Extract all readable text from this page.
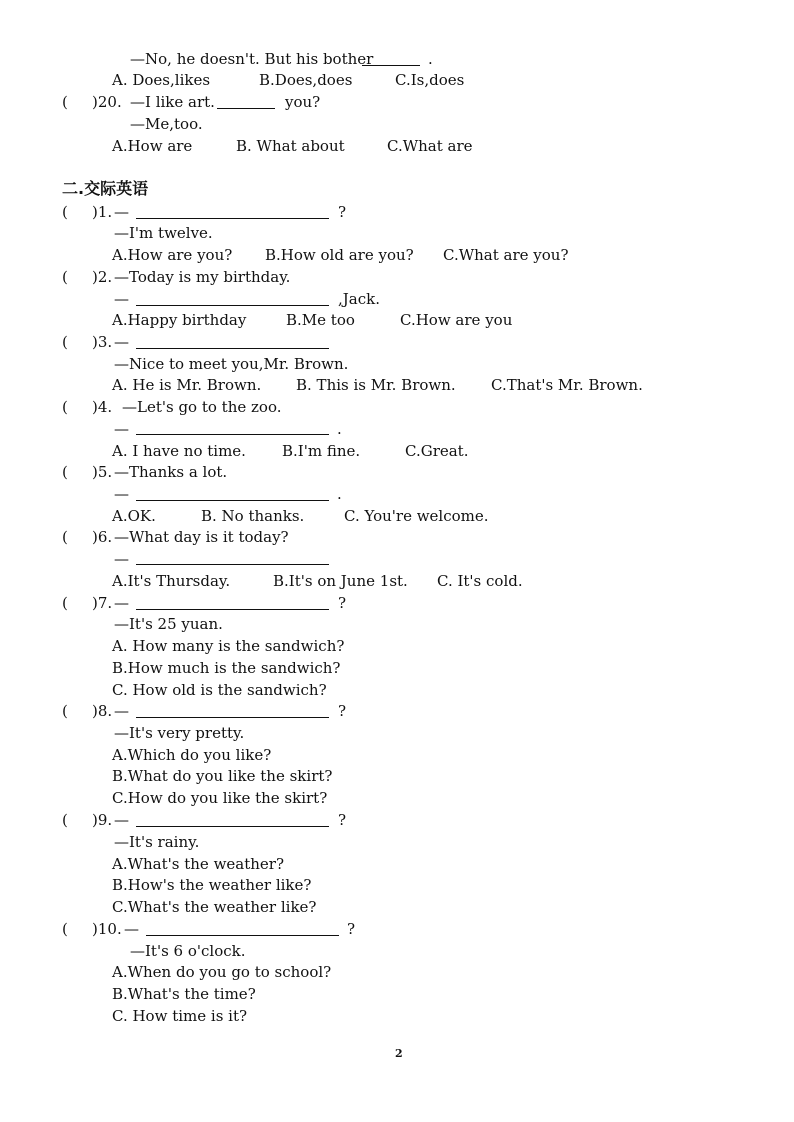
—No, he doesn't. But his bother	.
A. Does,likes	B.Does,does	C.Is,does
( )20. —I like art.	you?
—Me,too.
A.How are	B. What about	C.What are
二.交际英语
( )1. —	?
—I'm twelve.
A.How are you? B.How old are you? C.What are you?
( )2. —Today is my birthday.
—	,Jack.
A.Happy birthday	B.Me too	C.How are you
( )3. —
—Nice to meet you,Mr. Brown.
A. He is Mr. Brown. B. This is Mr. Brown. C.That's Mr. Brown.
( )4. —Let's go to the zoo.
—	.
A. I have no time. B.I'm fine.	C.Great.
( )5. —Thanks a lot.
—	.
A.OK.	B. No thanks.	C. You're welcome.
( )6. —What day is it today?
—
A.It's Thursday.	B.It's on June 1st. C. It's cold.
( )7. —	?
—It's 25 yuan.
A. How many is the sandwich?
B.How much is the sandwich?
C. How old is the sandwich?
( )8. —	?
—It's very pretty.
A.Which do you like?
B.What do you like the skirt?
C.How do you like the skirt?
( )9. —	?
—It's rainy.
A.What's the weather?
B.How's the weather like?
C.What's the weather like?
( )10. —	?
—It's 6 o'clock.
A.When do you go to school?
B.What's the time?
C. How time is it?
2
